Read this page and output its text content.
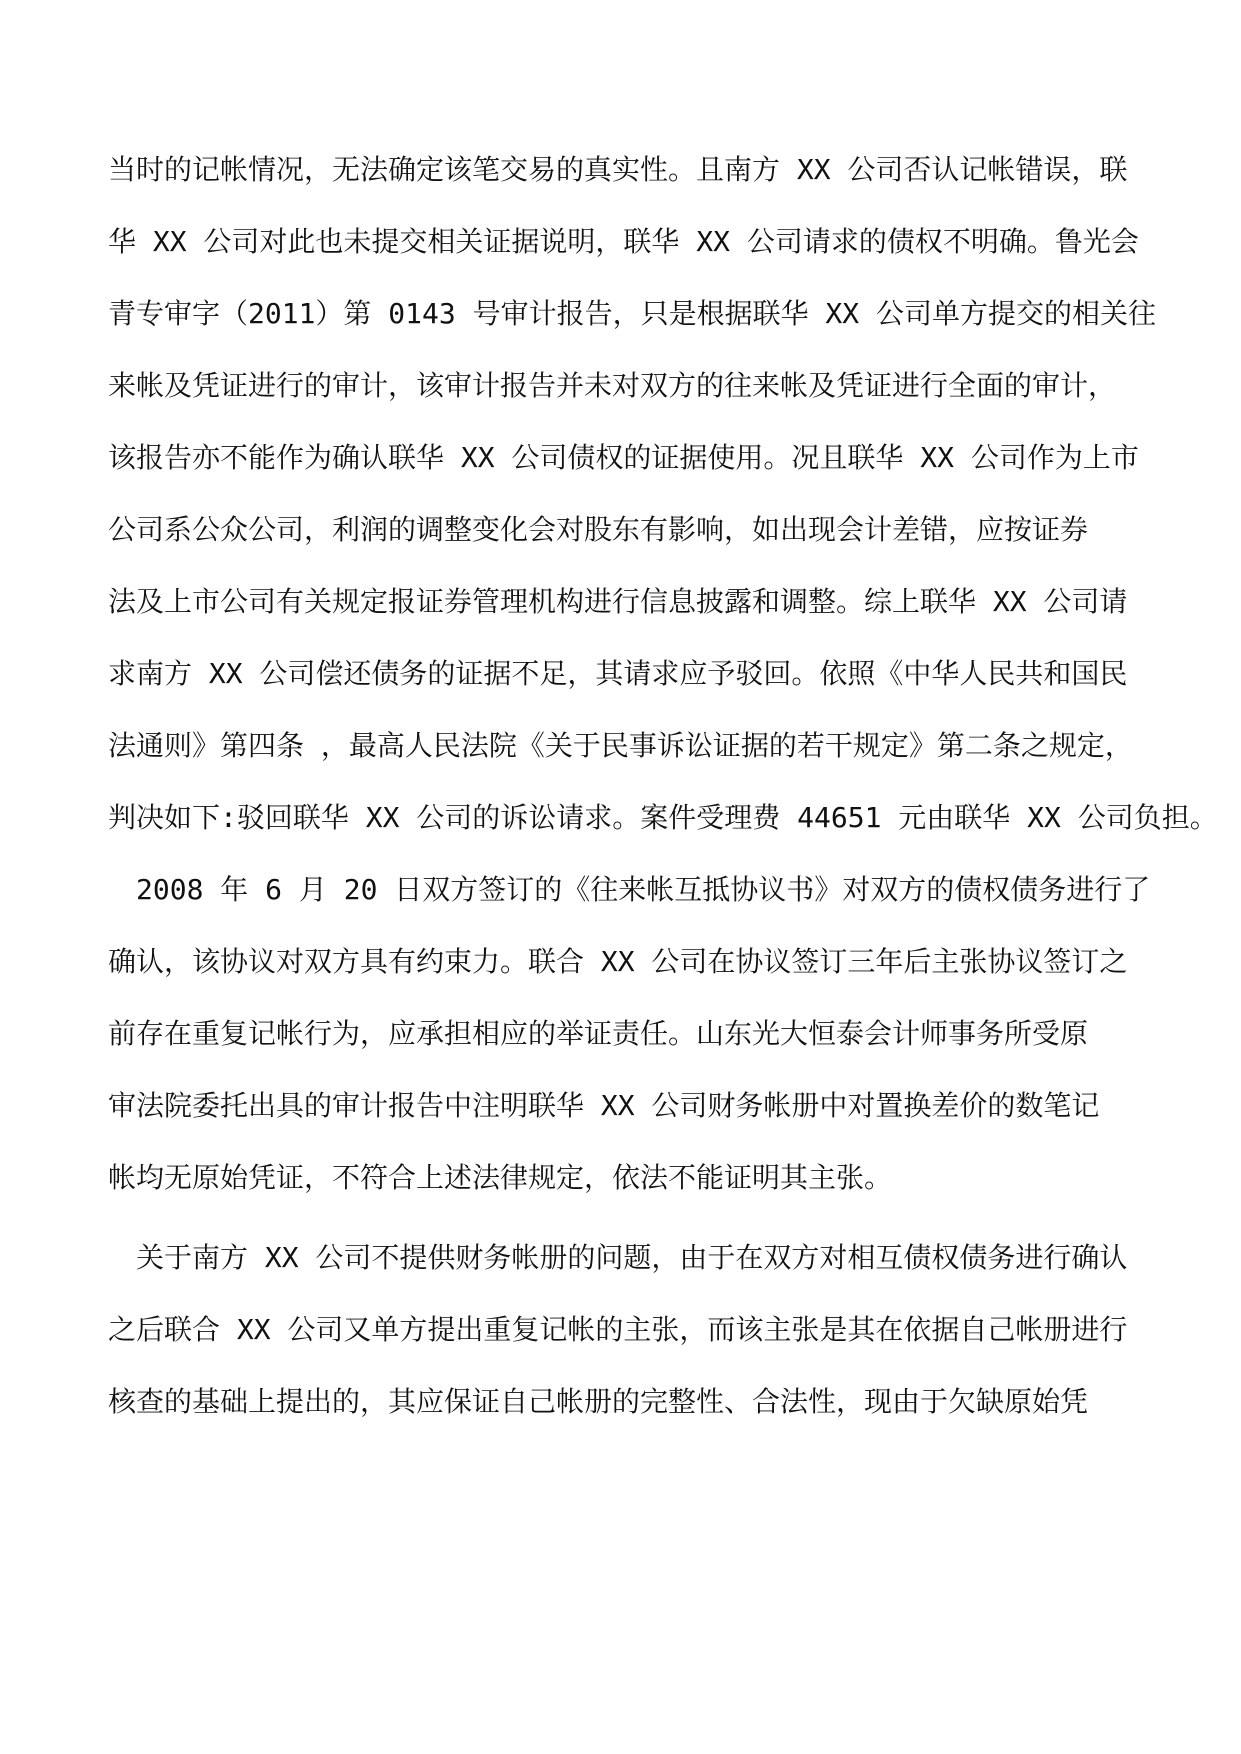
当时的记帐情况，无法确定该笔交易的真实性。且南方 XX 公司否认记帐错误，联
华 XX 公司对此也未提交相关证据说明，联华 XX 公司请求的债权不明确。鲁光会
青专审字（2011）第 0143 号审计报告，只是根据联华 XX 公司单方提交的相关往
来帐及凭证进行的审计，该审计报告并未对双方的往来帐及凭证进行全面的审计，
该报告亦不能作为确认联华 XX 公司债权的证据使用。况且联华 XX 公司作为上市
公司系公众公司，利润的调整变化会对股东有影响，如出现会计差错，应按证券
法及上市公司有关规定报证券管理机构进行信息披露和调整。综上联华 XX 公司请
求南方 XX 公司偿还债务的证据不足，其请求应予驳回。依照《中华人民共和国民
法通则》第四条 ，最高人民法院《关于民事诉讼证据的若干规定》第二条之规定，
判决如下:驳回联华 XX 公司的诉讼请求。案件受理费 44651 元由联华 XX 公司负担。
2008 年 6 月 20 日双方签订的《往来帐互抵协议书》对双方的债权债务进行了
确认，该协议对双方具有约束力。联合 XX 公司在协议签订三年后主张协议签订之
前存在重复记帐行为，应承担相应的举证责任。山东光大恒泰会计师事务所受原
审法院委托出具的审计报告中注明联华 XX 公司财务帐册中对置换差价的数笔记
帐均无原始凭证，不符合上述法律规定，依法不能证明其主张。
关于南方 XX 公司不提供财务帐册的问题，由于在双方对相互债权债务进行确认
之后联合 XX 公司又单方提出重复记帐的主张，而该主张是其在依据自己帐册进行
核查的基础上提出的，其应保证自己帐册的完整性、合法性，现由于欠缺原始凭
